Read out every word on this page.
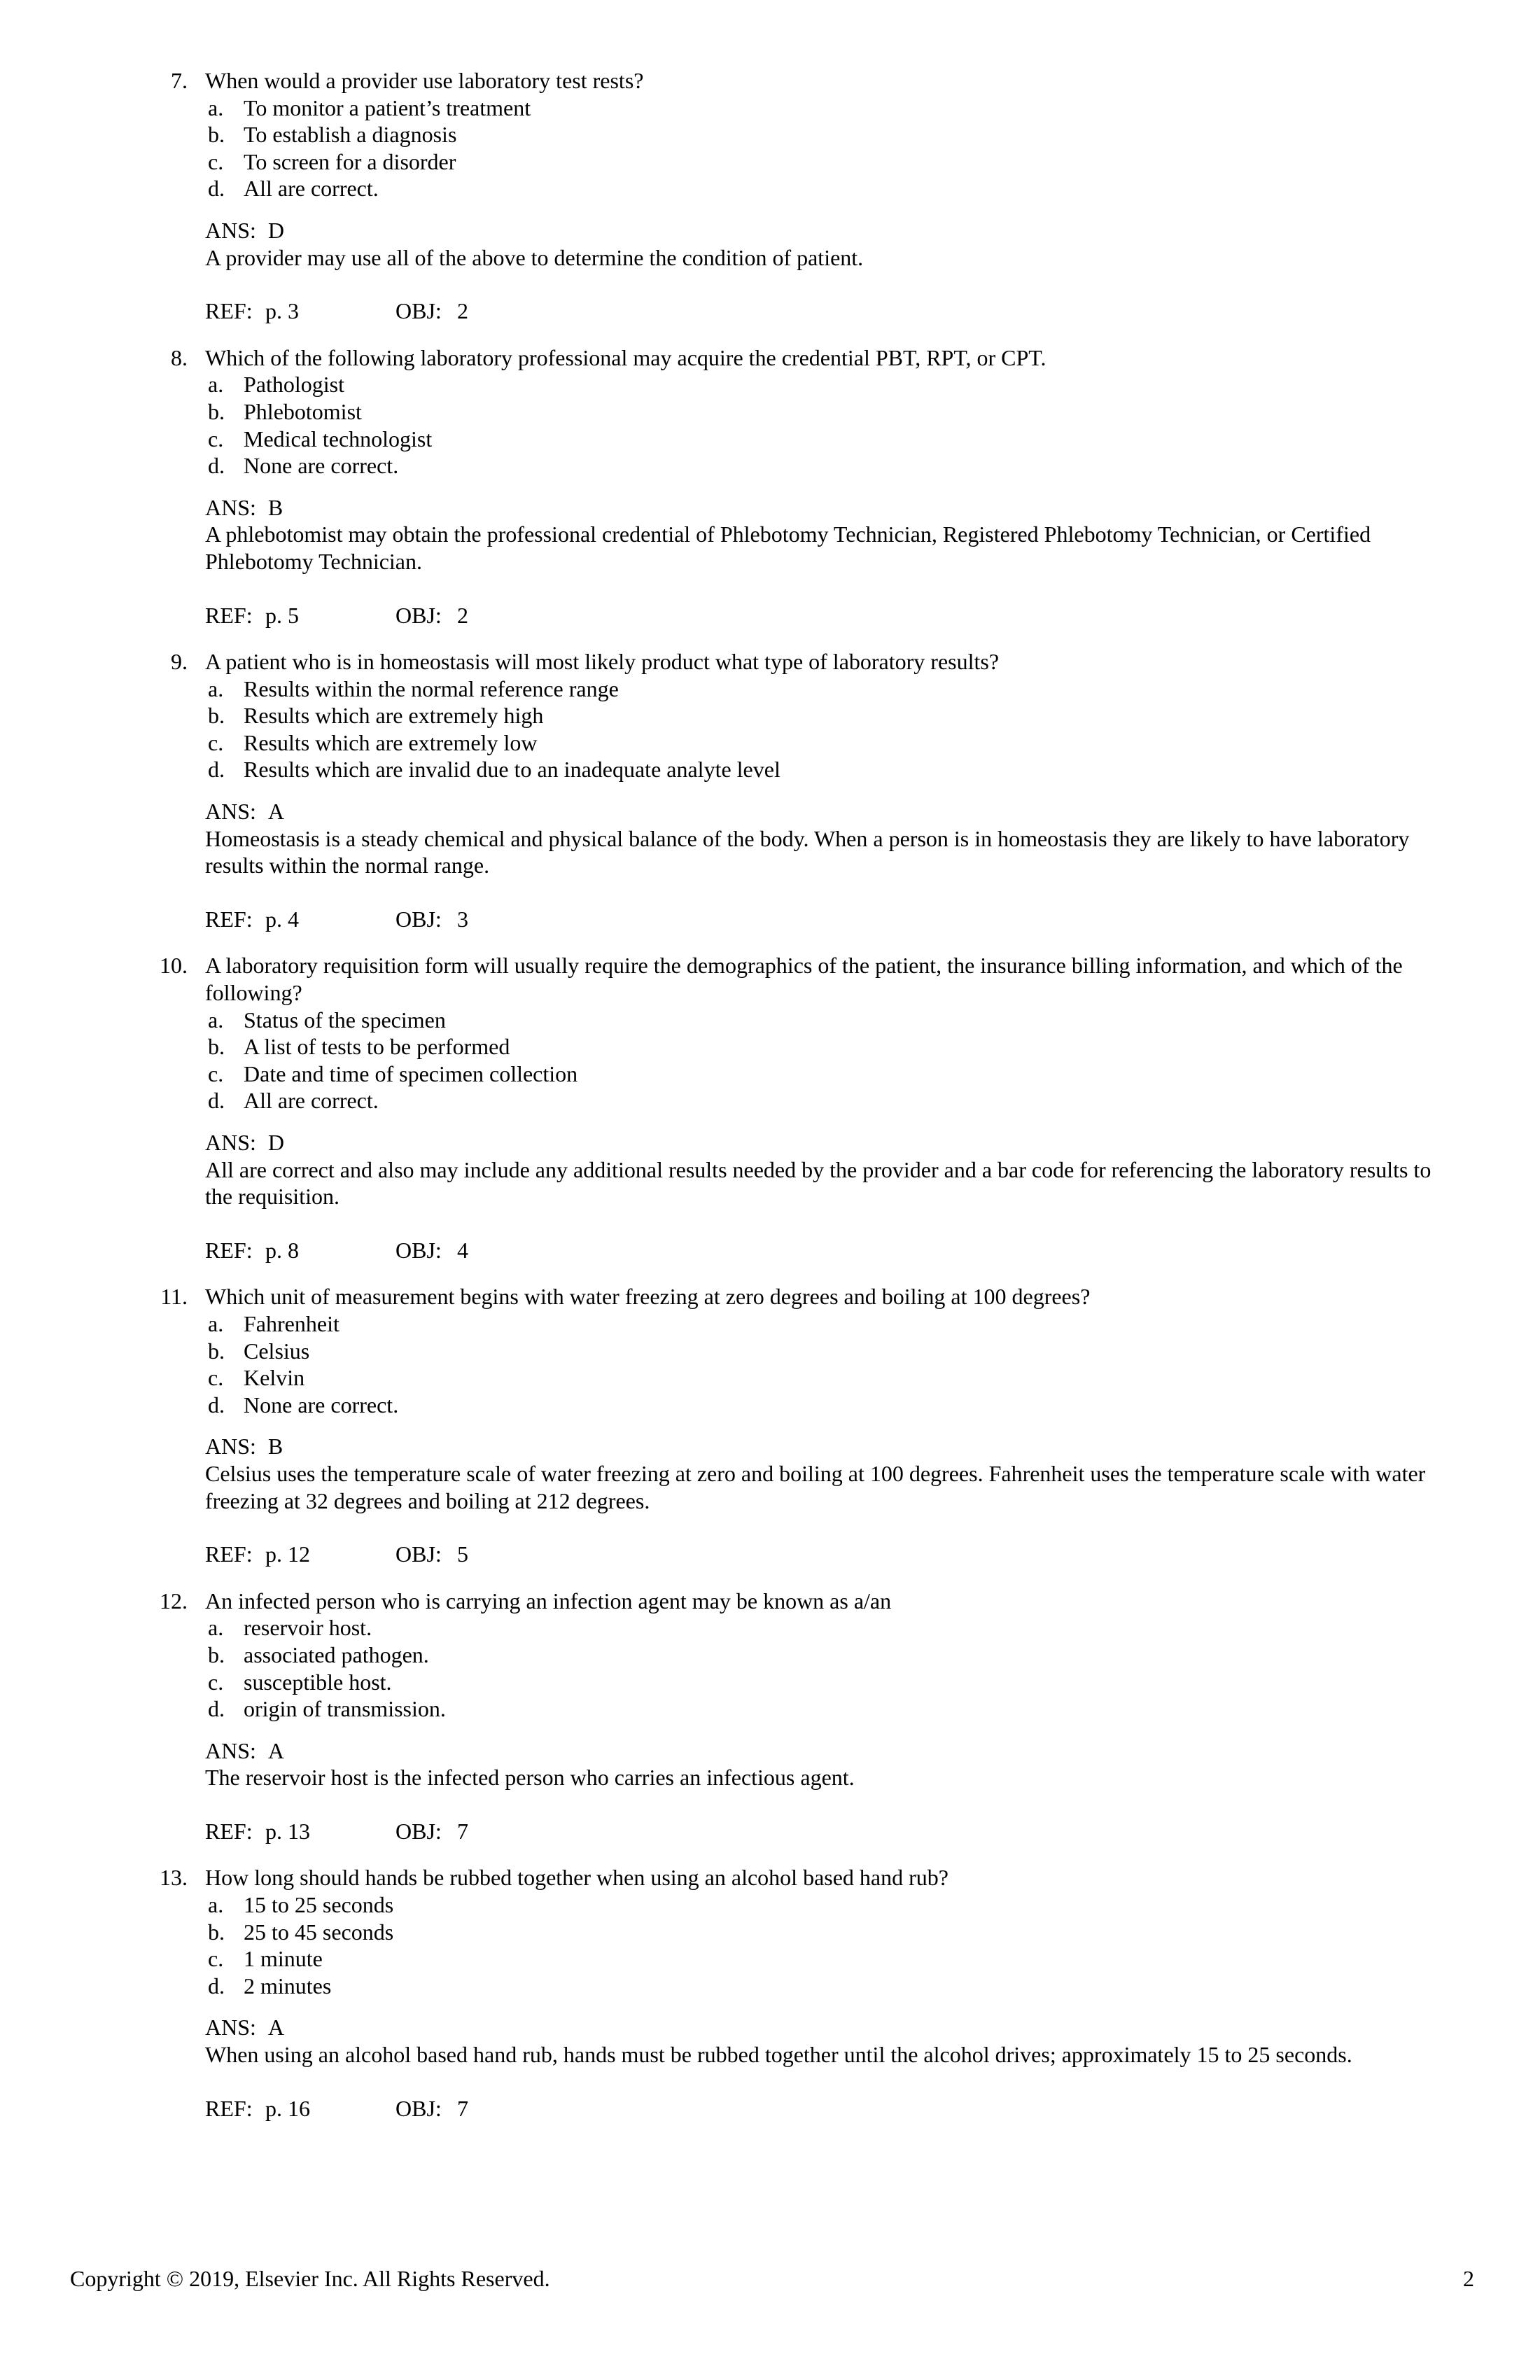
7. When would a provider use laboratory test rests?
a. To monitor a patient’s treatment
b. To establish a diagnosis
c. To screen for a disorder
d. All are correct.
ANS: D
A provider may use all of the above to determine the condition of patient.
REF: p. 3	OBJ: 2
8. Which of the following laboratory professional may acquire the credential PBT, RPT, or CPT.
a. Pathologist
b. Phlebotomist
c. Medical technologist
d. None are correct.
ANS: B
A phlebotomist may obtain the professional credential of Phlebotomy Technician, Registered Phlebotomy Technician, or Certified Phlebotomy Technician.
REF: p. 5	OBJ: 2
9. A patient who is in homeostasis will most likely product what type of laboratory results?
a. Results within the normal reference range
b. Results which are extremely high
c. Results which are extremely low
d. Results which are invalid due to an inadequate analyte level
ANS: A
Homeostasis is a steady chemical and physical balance of the body. When a person is in homeostasis they are likely to have laboratory results within the normal range.
REF: p. 4	OBJ: 3
10. A laboratory requisition form will usually require the demographics of the patient, the insurance billing information, and which of the following?
a. Status of the specimen
b. A list of tests to be performed
c. Date and time of specimen collection
d. All are correct.
ANS: D
All are correct and also may include any additional results needed by the provider and a bar code for referencing the laboratory results to the requisition.
REF: p. 8	OBJ: 4
11. Which unit of measurement begins with water freezing at zero degrees and boiling at 100 degrees?
a. Fahrenheit
b. Celsius
c. Kelvin
d. None are correct.
ANS: B
Celsius uses the temperature scale of water freezing at zero and boiling at 100 degrees. Fahrenheit uses the temperature scale with water freezing at 32 degrees and boiling at 212 degrees.
REF: p. 12	OBJ: 5
12. An infected person who is carrying an infection agent may be known as a/an
a. reservoir host.
b. associated pathogen.
c. susceptible host.
d. origin of transmission.
ANS: A
The reservoir host is the infected person who carries an infectious agent.
REF: p. 13	OBJ: 7
13. How long should hands be rubbed together when using an alcohol based hand rub?
a. 15 to 25 seconds
b. 25 to 45 seconds
c. 1 minute
d. 2 minutes
ANS: A
When using an alcohol based hand rub, hands must be rubbed together until the alcohol drives; approximately 15 to 25 seconds.
REF: p. 16	OBJ: 7
Copyright © 2019, Elsevier Inc. All Rights Reserved.	2
